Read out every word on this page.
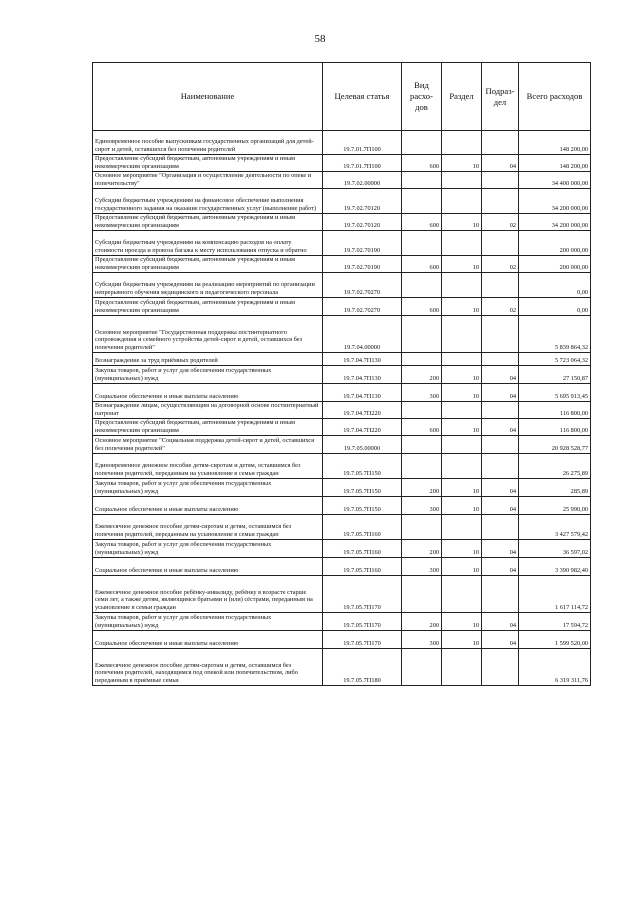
58
Наименование	Целевая статья	Вид расхо-дов	Раздел	Подраз-дел	Всего расходов
Единовременное пособие выпускникам государственных организаций для детей-сирот и детей, оставшихся без попечения родителей	19.7.01.7П100				148 200,00
Предоставление субсидий бюджетным, автономным учреждениям и иным некоммерческим организациям	19.7.01.7П100	600	10	04	148 200,00
Основное мероприятие "Организация и осуществление деятельности по опеке и попечительству"	19.7.02.00000				34 400 000,00
Субсидии бюджетным учреждениям на финансовое обеспечение выполнения государственного задания на оказание государственных услуг (выполнение работ)	19.7.02.70120				34 200 000,00
Предоставление субсидий бюджетным, автономным учреждениям и иным некоммерческим организациям	19.7.02.70120	600	10	02	34 200 000,00
Субсидии бюджетным учреждениям на компенсацию расходов на оплату стоимости проезда и провоза багажа к месту использования отпуска и обратно	19.7.02.70190				200 000,00
Предоставление субсидий бюджетным, автономным учреждениям и иным некоммерческим организациям	19.7.02.70190	600	10	02	200 000,00
Субсидии бюджетным учреждениям на реализацию мероприятий по организации непрерывного обучения медицинского и педагогического персонала	19.7.02.70270				0,00
Предоставление субсидий бюджетным, автономным учреждениям и иным некоммерческим организациям	19.7.02.70270	600	10	02	0,00
Основное мероприятие "Государственная поддержка постинтернатного сопровождения и семейного устройства детей-сирот и детей, оставшихся без попечения родителей"	19.7.04.00000				5 839 864,32
Вознаграждение за труд приёмных родителей	19.7.04.7П130				5 723 064,32
Закупка товаров, работ и услуг для обеспечения государственных (муниципальных) нужд	19.7.04.7П130	200	10	04	27 150,87
Социальное обеспечение и иные выплаты населению	19.7.04.7П130	300	10	04	5 695 913,45
Вознаграждение лицам, осуществляющим на договорной основе постинтернатный патронат	19.7.04.7П220				116 800,00
Предоставление субсидий бюджетным, автономным учреждениям и иным некоммерческим организациям	19.7.04.7П220	600	10	04	116 800,00
Основное мероприятие "Социальная поддержка детей-сирот и детей, оставшихся без попечения родителей"	19.7.05.00000				20 928 528,77
Единовременное денежное пособие детям-сиротам и детям, оставшимся без попечения родителей, переданным на усыновление в семьи граждан	19.7.05.7П150				26 275,89
Закупка товаров, работ и услуг для обеспечения государственных (муниципальных) нужд	19.7.05.7П150	200	10	04	285,89
Социальное обеспечение и иные выплаты населению	19.7.05.7П150	300	10	04	25 990,00
Ежемесячное денежное пособие детям-сиротам и детям, оставшимся без попечения родителей, переданным на усыновление в семьи граждан	19.7.05.7П160				3 427 579,42
Закупка товаров, работ и услуг для обеспечения государственных (муниципальных) нужд	19.7.05.7П160	200	10	04	36 597,02
Социальное обеспечение и иные выплаты населению	19.7.05.7П160	300	10	04	3 390 982,40
Ежемесячное денежное пособие ребёнку-инвалиду, ребёнку в возрасте старше семи лет, а также детям, являющимся братьями и (или) сёстрами, переданным на усыновление в семьи граждан	19.7.05.7П170				1 617 114,72
Закупка товаров, работ и услуг для обеспечения государственных (муниципальных) нужд	19.7.05.7П170	200	10	04	17 594,72
Социальное обеспечение и иные выплаты населению	19.7.05.7П170	300	10	04	1 599 520,00
Ежемесячное денежное пособие детям-сиротам и детям, оставшимся без попечения родителей, находящимся под опекой или попечительством, либо переданным в приёмные семьи	19.7.05.7П180				6 319 311,76
